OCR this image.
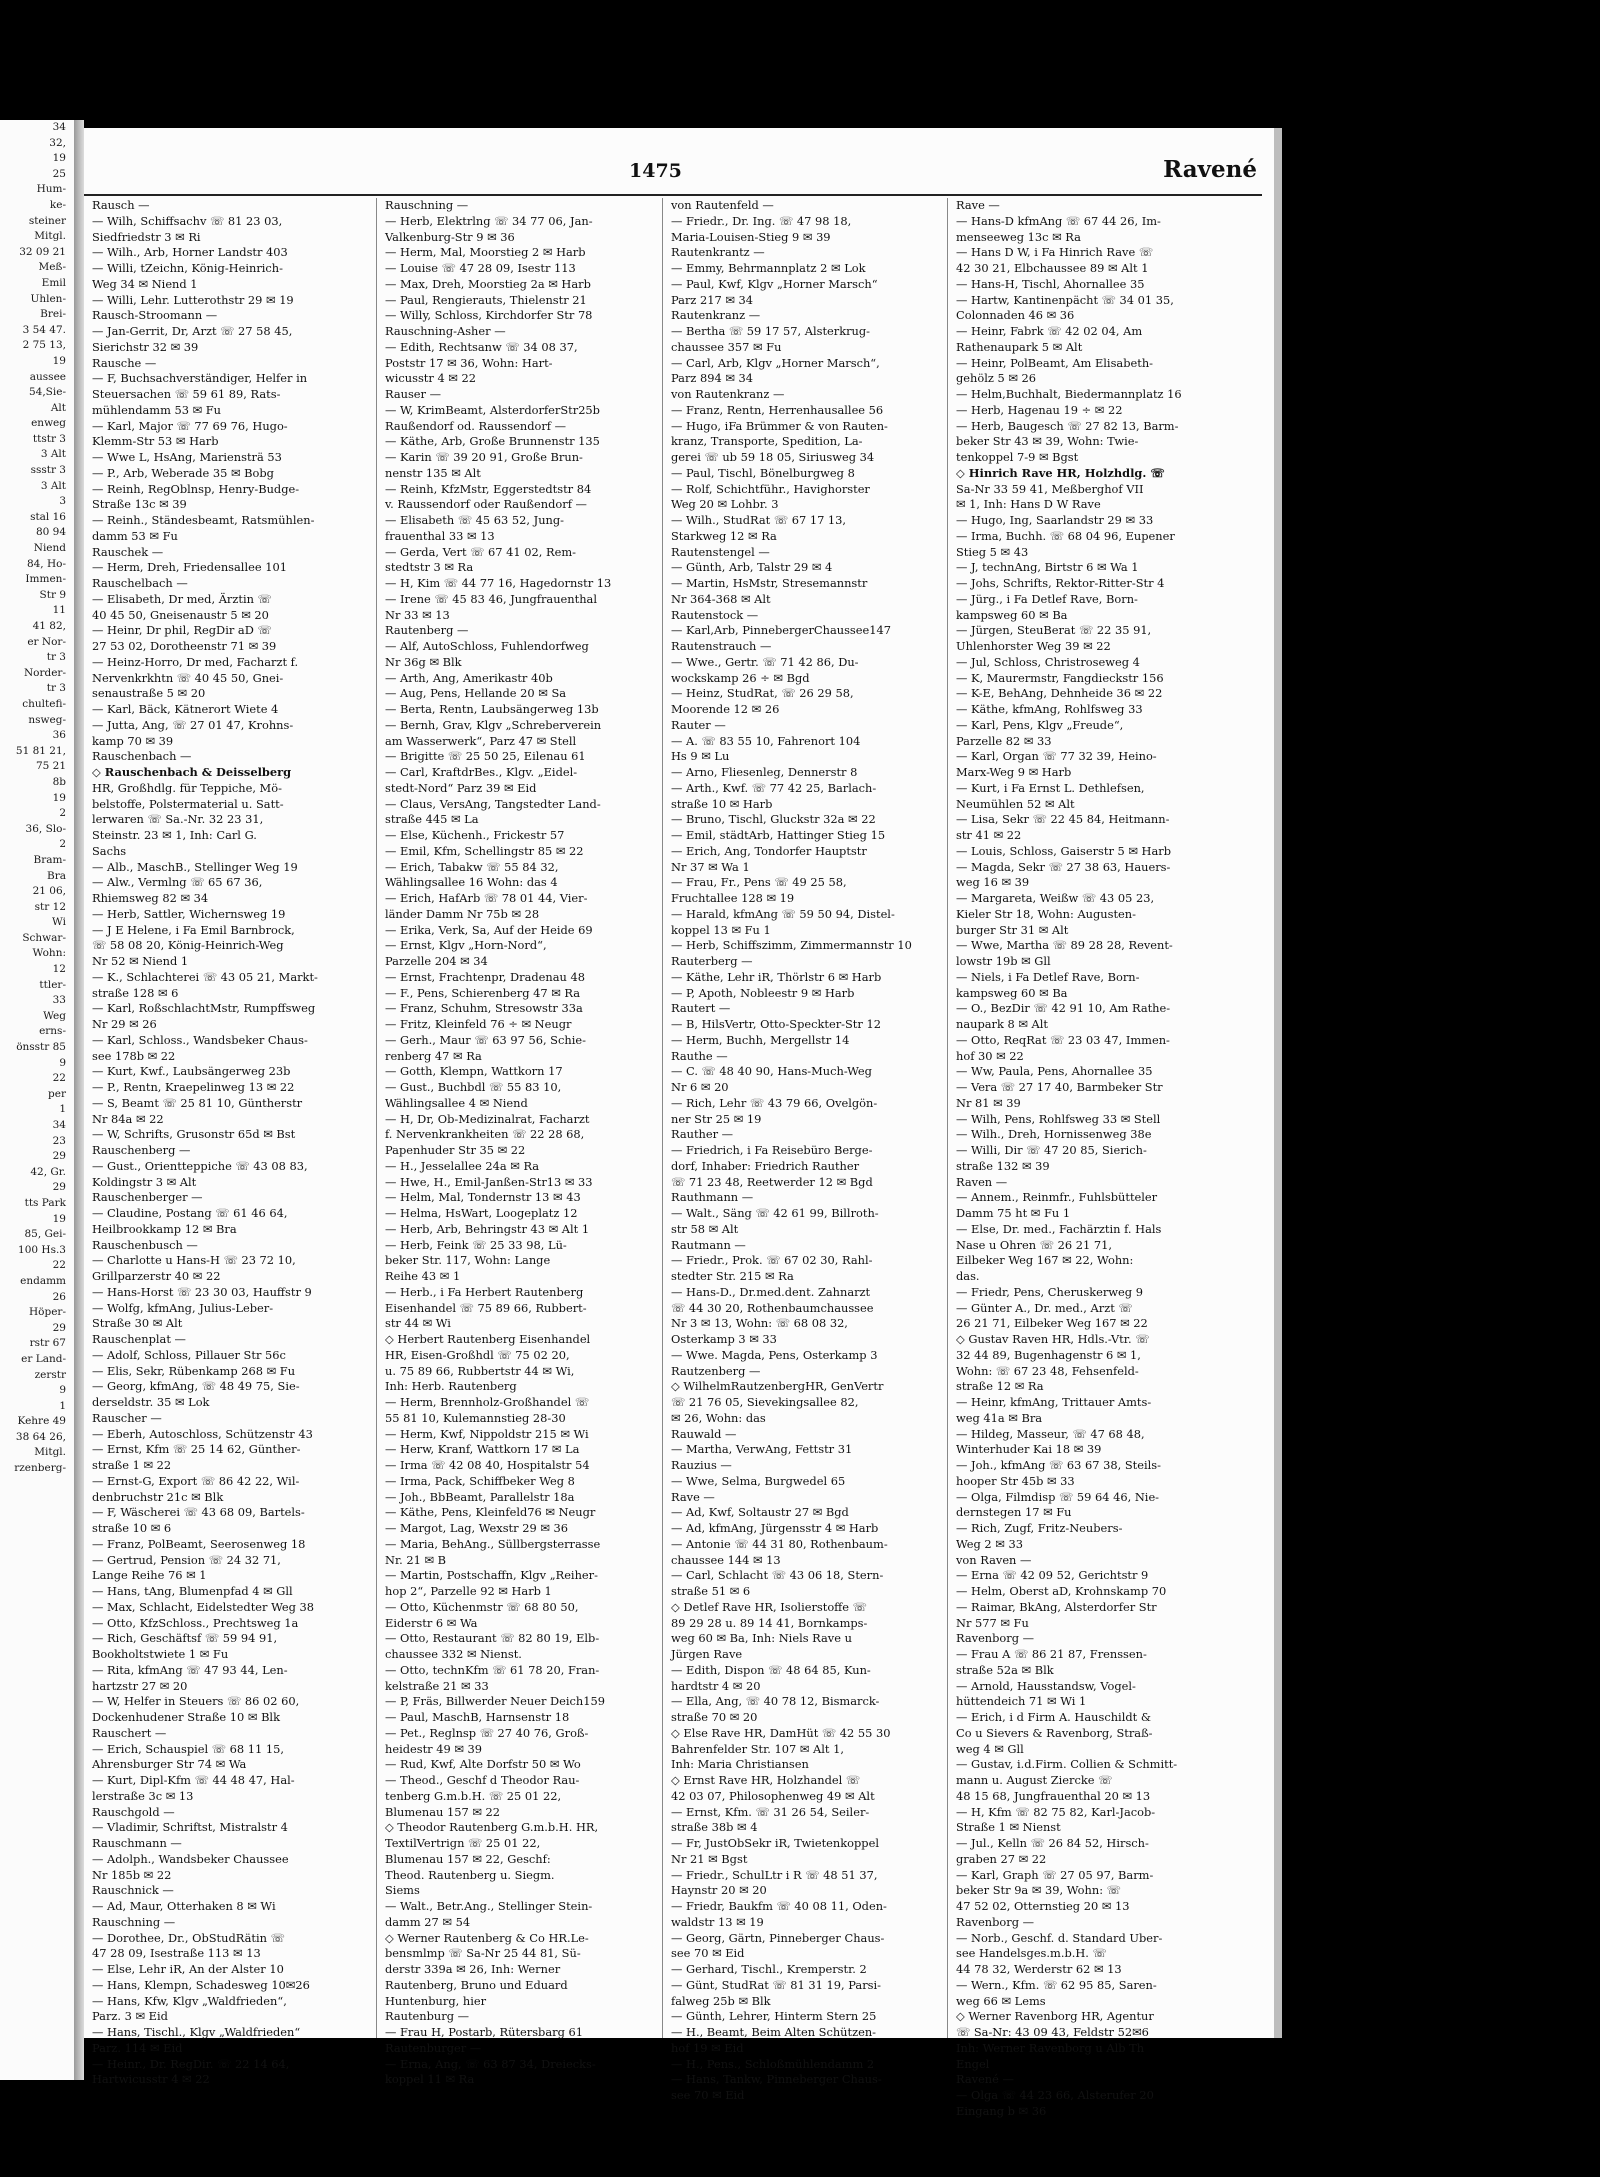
34
32,
19
25
Hum-
ke-
steiner
Mitgl.
32 09 21
Meß-
Emil
Uhlen-
Brei-
3 54 47.
2 75 13,
19
aussee
54,Sie-
Alt
enweg
ttstr 3
3 Alt
ssstr 3
3 Alt
3
stal 16
80 94
Niend
84, Ho-
Immen-
Str 9
11
41 82,
er Nor-
tr 3
Norder-
tr 3
chultefi-
nsweg-
36
51 81 21,
75 21
8b
19
2
36, Slo-
2
Bram-
Bra
21 06,
str 12
Wi
Schwar-
Wohn:
12
ttler-
33
Weg
erns-
önsstr 85
9
22
per
1
34
23
29
42, Gr.
29
tts Park
19
85, Gei-
100 Hs.3
22
endamm
26
Höper-
29
rstr 67
er Land-
zerstr
9
1
Kehre 49
38 64 26,
Mitgl.
rzenberg-
1475	Ravené
Rausch —
— Wilh, Schiffsachv ☏ 81 23 03,
Siedfriedstr 3 ✉ Ri
— Wilh., Arb, Horner Landstr 403
— Willi, tZeichn, König-Heinrich-
Weg 34 ✉ Niend 1
— Willi, Lehr. Lutterothstr 29 ✉ 19
Rausch-Stroomann —
— Jan-Gerrit, Dr, Arzt ☏ 27 58 45,
Sierichstr 32 ✉ 39
Rausche —
— F, Buchsachverständiger, Helfer in
Steuersachen ☏ 59 61 89, Rats-
mühlendamm 53 ✉ Fu
— Karl, Major ☏ 77 69 76, Hugo-
Klemm-Str 53 ✉ Harb
— Wwe L, HsAng, Mariensträ 53
— P., Arb, Weberade 35 ✉ Bobg
— Reinh, RegOblnsp, Henry-Budge-
Straße 13c ✉ 39
— Reinh., Ständesbeamt, Ratsmühlen-
damm 53 ✉ Fu
Rauschek —
— Herm, Dreh, Friedensallee 101
Rauschelbach —
— Elisabeth, Dr med, Ärztin ☏
40 45 50, Gneisenaustr 5 ✉ 20
— Heinr, Dr phil, RegDir aD ☏
27 53 02, Dorotheenstr 71 ✉ 39
— Heinz-Horro, Dr med, Facharzt f.
Nervenkrkhtn ☏ 40 45 50, Gnei-
senaustraße 5 ✉ 20
— Karl, Bäck, Kätnerort Wiete 4
— Jutta, Ang, ☏ 27 01 47, Krohns-
kamp 70 ✉ 39
Rauschenbach —
◇ Rauschenbach & Deisselberg
HR, Großhdlg. für Teppiche, Mö-
belstoffe, Polstermaterial u. Satt-
lerwaren ☏ Sa.-Nr. 32 23 31,
Steinstr. 23 ✉ 1, Inh: Carl G.
Sachs
— Alb., MaschB., Stellinger Weg 19
— Alw., Vermlng ☏ 65 67 36,
Rhiemsweg 82 ✉ 34
— Herb, Sattler, Wichernsweg 19
— J E Helene, i Fa Emil Barnbrock,
☏ 58 08 20, König-Heinrich-Weg
Nr 52 ✉ Niend 1
— K., Schlachterei ☏ 43 05 21, Markt-
straße 128 ✉ 6
— Karl, RoßschlachtMstr, Rumpffsweg
Nr 29 ✉ 26
— Karl, Schloss., Wandsbeker Chaus-
see 178b ✉ 22
— Kurt, Kwf., Laubsängerweg 23b
— P., Rentn, Kraepelinweg 13 ✉ 22
— S, Beamt ☏ 25 81 10, Güntherstr
Nr 84a ✉ 22
— W, Schrifts, Grusonstr 65d ✉ Bst
Rauschenberg —
— Gust., Orientteppiche ☏ 43 08 83,
Koldingstr 3 ✉ Alt
Rauschenberger —
— Claudine, Postang ☏ 61 46 64,
Heilbrookkamp 12 ✉ Bra
Rauschenbusch —
— Charlotte u Hans-H ☏ 23 72 10,
Grillparzerstr 40 ✉ 22
— Hans-Horst ☏ 23 30 03, Hauffstr 9
— Wolfg, kfmAng, Julius-Leber-
Straße 30 ✉ Alt
Rauschenplat —
— Adolf, Schloss, Pillauer Str 56c
— Elis, Sekr, Rübenkamp 268 ✉ Fu
— Georg, kfmAng, ☏ 48 49 75, Sie-
derseldstr. 35 ✉ Lok
Rauscher —
— Eberh, Autoschloss, Schützenstr 43
— Ernst, Kfm ☏ 25 14 62, Günther-
straße 1 ✉ 22
— Ernst-G, Export ☏ 86 42 22, Wil-
denbruchstr 21c ✉ Blk
— F, Wäscherei ☏ 43 68 09, Bartels-
straße 10 ✉ 6
— Franz, PolBeamt, Seerosenweg 18
— Gertrud, Pension ☏ 24 32 71,
Lange Reihe 76 ✉ 1
— Hans, tAng, Blumenpfad 4 ✉ Gll
— Max, Schlacht, Eidelstedter Weg 38
— Otto, KfzSchloss., Prechtsweg 1a
— Rich, Geschäftsf ☏ 59 94 91,
Bookholtstwiete 1 ✉ Fu
— Rita, kfmAng ☏ 47 93 44, Len-
hartzstr 27 ✉ 20
— W, Helfer in Steuers ☏ 86 02 60,
Dockenhudener Straße 10 ✉ Blk
Rauschert —
— Erich, Schauspiel ☏ 68 11 15,
Ahrensburger Str 74 ✉ Wa
— Kurt, Dipl-Kfm ☏ 44 48 47, Hal-
lerstraße 3c ✉ 13
Rauschgold —
— Vladimir, Schriftst, Mistralstr 4
Rauschmann —
— Adolph., Wandsbeker Chaussee
Nr 185b ✉ 22
Rauschnick —
— Ad, Maur, Otterhaken 8 ✉ Wi
Rauschning —
— Dorothee, Dr., ObStudRätin ☏
47 28 09, Isestraße 113 ✉ 13
— Else, Lehr iR, An der Alster 10
— Hans, Klempn, Schadesweg 10✉26
— Hans, Kfw, Klgv „Waldfrieden“,
Parz. 3 ✉ Eid
— Hans, Tischl., Klgv „Waldfrieden“
Parz. 114 ✉ Eid
— Heinr., Dr. RegDir. ☏ 22 14 64,
Hartwicusstr 4 ✉ 22
Rauschning —
— Herb, Elektrlng ☏ 34 77 06, Jan-
Valkenburg-Str 9 ✉ 36
— Herm, Mal, Moorstieg 2 ✉ Harb
— Louise ☏ 47 28 09, Isestr 113
— Max, Dreh, Moorstieg 2a ✉ Harb
— Paul, Rengierauts, Thielenstr 21
— Willy, Schloss, Kirchdorfer Str 78
Rauschning-Asher —
— Edith, Rechtsanw ☏ 34 08 37,
Poststr 17 ✉ 36, Wohn: Hart-
wicusstr 4 ✉ 22
Rauser —
— W, KrimBeamt, AlsterdorferStr25b
Raußendorf od. Raussendorf —
— Käthe, Arb, Große Brunnenstr 135
— Karin ☏ 39 20 91, Große Brun-
nenstr 135 ✉ Alt
— Reinh, KfzMstr, Eggerstedtstr 84
v. Raussendorf oder Raußendorf —
— Elisabeth ☏ 45 63 52, Jung-
frauenthal 33 ✉ 13
— Gerda, Vert ☏ 67 41 02, Rem-
stedtstr 3 ✉ Ra
— H, Kim ☏ 44 77 16, Hagedornstr 13
— Irene ☏ 45 83 46, Jungfrauenthal
Nr 33 ✉ 13
Rautenberg —
— Alf, AutoSchloss, Fuhlendorfweg
Nr 36g ✉ Blk
— Arth, Ang, Amerikastr 40b
— Aug, Pens, Hellande 20 ✉ Sa
— Berta, Rentn, Laubsängerweg 13b
— Bernh, Grav, Klgv „Schreberverein
am Wasserwerk“, Parz 47 ✉ Stell
— Brigitte ☏ 25 50 25, Eilenau 61
— Carl, KraftdrBes., Klgv. „Eidel-
stedt-Nord“ Parz 39 ✉ Eid
— Claus, VersAng, Tangstedter Land-
straße 445 ✉ La
— Else, Küchenh., Frickestr 57
— Emil, Kfm, Schellingstr 85 ✉ 22
— Erich, Tabakw ☏ 55 84 32,
Wählingsallee 16 Wohn: das 4
— Erich, HafArb ☏ 78 01 44, Vier-
länder Damm Nr 75b ✉ 28
— Erika, Verk, Sa, Auf der Heide 69
— Ernst, Klgv „Horn-Nord“,
Parzelle 204 ✉ 34
— Ernst, Frachtenpr, Dradenau 48
— F., Pens, Schierenberg 47 ✉ Ra
— Franz, Schuhm, Stresowstr 33a
— Fritz, Kleinfeld 76 ÷ ✉ Neugr
— Gerh., Maur ☏ 63 97 56, Schie-
renberg 47 ✉ Ra
— Gotth, Klempn, Wattkorn 17
— Gust., Buchbdl ☏ 55 83 10,
Wählingsallee 4 ✉ Niend
— H, Dr, Ob-Medizinalrat, Facharzt
f. Nervenkrankheiten ☏ 22 28 68,
Papenhuder Str 35 ✉ 22
— H., Jesselallee 24a ✉ Ra
— Hwe, H., Emil-Janßen-Str13 ✉ 33
— Helm, Mal, Tondernstr 13 ✉ 43
— Helma, HsWart, Loogeplatz 12
— Herb, Arb, Behringstr 43 ✉ Alt 1
— Herb, Feink ☏ 25 33 98, Lü-
beker Str. 117, Wohn: Lange
Reihe 43 ✉ 1
— Herb., i Fa Herbert Rautenberg
Eisenhandel ☏ 75 89 66, Rubbert-
str 44 ✉ Wi
◇ Herbert Rautenberg Eisenhandel
HR, Eisen-Großhdl ☏ 75 02 20,
u. 75 89 66, Rubbertstr 44 ✉ Wi,
Inh: Herb. Rautenberg
— Herm, Brennholz-Großhandel ☏
55 81 10, Kulemannstieg 28-30
— Herm, Kwf, Nippoldstr 215 ✉ Wi
— Herw, Kranf, Wattkorn 17 ✉ La
— Irma ☏ 42 08 40, Hospitalstr 54
— Irma, Pack, Schiffbeker Weg 8
— Joh., BbBeamt, Parallelstr 18a
— Käthe, Pens, Kleinfeld76 ✉ Neugr
— Margot, Lag, Wexstr 29 ✉ 36
— Maria, BehAng., Süllbergsterrasse
Nr. 21 ✉ B
— Martin, Postschaffn, Klgv „Reiher-
hop 2“, Parzelle 92 ✉ Harb 1
— Otto, Küchenmstr ☏ 68 80 50,
Eiderstr 6 ✉ Wa
— Otto, Restaurant ☏ 82 80 19, Elb-
chaussee 332 ✉ Nienst.
— Otto, technKfm ☏ 61 78 20, Fran-
kelstraße 21 ✉ 33
— P, Fräs, Billwerder Neuer Deich159
— Paul, MaschB, Harnsenstr 18
— Pet., Reglnsp ☏ 27 40 76, Groß-
heidestr 49 ✉ 39
— Rud, Kwf, Alte Dorfstr 50 ✉ Wo
— Theod., Geschf d Theodor Rau-
tenberg G.m.b.H. ☏ 25 01 22,
Blumenau 157 ✉ 22
◇ Theodor Rautenberg G.m.b.H. HR,
TextilVertrign ☏ 25 01 22,
Blumenau 157 ✉ 22, Geschf:
Theod. Rautenberg u. Siegm.
Siems
— Walt., Betr.Ang., Stellinger Stein-
damm 27 ✉ 54
◇ Werner Rautenberg & Co HR.Le-
bensmlmp ☏ Sa-Nr 25 44 81, Sü-
derstr 339a ✉ 26, Inh: Werner
Rautenberg, Bruno und Eduard
Huntenburg, hier
Rautenburg —
— Frau H, Postarb, Rütersbarg 61
Rautenburger —
— Erna, Ang, ☏ 63 87 34, Dreiecks-
koppel 11 ✉ Ra
von Rautenfeld —
— Friedr., Dr. Ing. ☏ 47 98 18,
Maria-Louisen-Stieg 9 ✉ 39
Rautenkrantz —
— Emmy, Behrmannplatz 2 ✉ Lok
— Paul, Kwf, Klgv „Horner Marsch“
Parz 217 ✉ 34
Rautenkranz —
— Bertha ☏ 59 17 57, Alsterkrug-
chaussee 357 ✉ Fu
— Carl, Arb, Klgv „Horner Marsch“,
Parz 894 ✉ 34
von Rautenkranz —
— Franz, Rentn, Herrenhausallee 56
— Hugo, iFa Brümmer & von Rauten-
kranz, Transporte, Spedition, La-
gerei ☏ ub 59 18 05, Siriusweg 34
— Paul, Tischl, Bönelburgweg 8
— Rolf, Schichtführ., Havighorster
Weg 20 ✉ Lohbr. 3
— Wilh., StudRat ☏ 67 17 13,
Starkweg 12 ✉ Ra
Rautenstengel —
— Günth, Arb, Talstr 29 ✉ 4
— Martin, HsMstr, Stresemannstr
Nr 364-368 ✉ Alt
Rautenstock —
— Karl,Arb, PinnebergerChaussee147
Rautenstrauch —
— Wwe., Gertr. ☏ 71 42 86, Du-
wockskamp 26 ÷ ✉ Bgd
— Heinz, StudRat, ☏ 26 29 58,
Moorende 12 ✉ 26
Rauter —
— A. ☏ 83 55 10, Fahrenort 104
Hs 9 ✉ Lu
— Arno, Fliesenleg, Dennerstr 8
— Arth., Kwf. ☏ 77 42 25, Barlach-
straße 10 ✉ Harb
— Bruno, Tischl, Gluckstr 32a ✉ 22
— Emil, städtArb, Hattinger Stieg 15
— Erich, Ang, Tondorfer Hauptstr
Nr 37 ✉ Wa 1
— Frau, Fr., Pens ☏ 49 25 58,
Fruchtallee 128 ✉ 19
— Harald, kfmAng ☏ 59 50 94, Distel-
koppel 13 ✉ Fu 1
— Herb, Schiffszimm, Zimmermannstr 10
Rauterberg —
— Käthe, Lehr iR, Thörlstr 6 ✉ Harb
— P, Apoth, Nobleestr 9 ✉ Harb
Rautert —
— B, HilsVertr, Otto-Speckter-Str 12
— Herm, Buchh, Mergellstr 14
Rauthe —
— C. ☏ 48 40 90, Hans-Much-Weg
Nr 6 ✉ 20
— Rich, Lehr ☏ 43 79 66, Ovelgön-
ner Str 25 ✉ 19
Rauther —
— Friedrich, i Fa Reisebüro Berge-
dorf, Inhaber: Friedrich Rauther
☏ 71 23 48, Reetwerder 12 ✉ Bgd
Rauthmann —
— Walt., Säng ☏ 42 61 99, Billroth-
str 58 ✉ Alt
Rautmann —
— Friedr., Prok. ☏ 67 02 30, Rahl-
stedter Str. 215 ✉ Ra
— Hans-D., Dr.med.dent. Zahnarzt
☏ 44 30 20, Rothenbaumchaussee
Nr 3 ✉ 13, Wohn: ☏ 68 08 32,
Osterkamp 3 ✉ 33
— Wwe. Magda, Pens, Osterkamp 3
Rautzenberg —
◇ WilhelmRautzenbergHR, GenVertr
☏ 21 76 05, Sievekingsallee 82,
✉ 26, Wohn: das
Rauwald —
— Martha, VerwAng, Fettstr 31
Rauzius —
— Wwe, Selma, Burgwedel 65
Rave —
— Ad, Kwf, Soltaustr 27 ✉ Bgd
— Ad, kfmAng, Jürgensstr 4 ✉ Harb
— Antonie ☏ 44 31 80, Rothenbaum-
chaussee 144 ✉ 13
— Carl, Schlacht ☏ 43 06 18, Stern-
straße 51 ✉ 6
◇ Detlef Rave HR, Isolierstoffe ☏
89 29 28 u. 89 14 41, Bornkamps-
weg 60 ✉ Ba, Inh: Niels Rave u
Jürgen Rave
— Edith, Dispon ☏ 48 64 85, Kun-
hardtstr 4 ✉ 20
— Ella, Ang, ☏ 40 78 12, Bismarck-
straße 70 ✉ 20
◇ Else Rave HR, DamHüt ☏ 42 55 30
Bahrenfelder Str. 107 ✉ Alt 1,
Inh: Maria Christiansen
◇ Ernst Rave HR, Holzhandel ☏
42 03 07, Philosophenweg 49 ✉ Alt
— Ernst, Kfm. ☏ 31 26 54, Seiler-
straße 38b ✉ 4
— Fr, JustObSekr iR, Twietenkoppel
Nr 21 ✉ Bgst
— Friedr., SchulLtr i R ☏ 48 51 37,
Haynstr 20 ✉ 20
— Friedr, Baukfm ☏ 40 08 11, Oden-
waldstr 13 ✉ 19
— Georg, Gärtn, Pinneberger Chaus-
see 70 ✉ Eid
— Gerhard, Tischl., Kremperstr. 2
— Günt, StudRat ☏ 81 31 19, Parsi-
falweg 25b ✉ Blk
— Günth, Lehrer, Hinterm Stern 25
— H., Beamt, Beim Alten Schützen-
hof 19 ✉ Eid
— H., Pens., Schloßmühlendamm 2
— Hans, Tankw, Pinneberger Chaus-
see 70 ✉ Eid
Rave —
— Hans-D kfmAng ☏ 67 44 26, Im-
menseeweg 13c ✉ Ra
— Hans D W, i Fa Hinrich Rave ☏
42 30 21, Elbchaussee 89 ✉ Alt 1
— Hans-H, Tischl, Ahornallee 35
— Hartw, Kantinenpächt ☏ 34 01 35,
Colonnaden 46 ✉ 36
— Heinr, Fabrk ☏ 42 02 04, Am
Rathenaupark 5 ✉ Alt
— Heinr, PolBeamt, Am Elisabeth-
gehölz 5 ✉ 26
— Helm,Buchhalt, Biedermannplatz 16
— Herb, Hagenau 19 ÷ ✉ 22
— Herb, Baugesch ☏ 27 82 13, Barm-
beker Str 43 ✉ 39, Wohn: Twie-
tenkoppel 7-9 ✉ Bgst
◇ Hinrich Rave HR, Holzhdlg. ☏
Sa-Nr 33 59 41, Meßberghof VII
✉ 1, Inh: Hans D W Rave
— Hugo, Ing, Saarlandstr 29 ✉ 33
— Irma, Buchh. ☏ 68 04 96, Eupener
Stieg 5 ✉ 43
— J, technAng, Birtstr 6 ✉ Wa 1
— Johs, Schrifts, Rektor-Ritter-Str 4
— Jürg., i Fa Detlef Rave, Born-
kampsweg 60 ✉ Ba
— Jürgen, SteuBerat ☏ 22 35 91,
Uhlenhorster Weg 39 ✉ 22
— Jul, Schloss, Christroseweg 4
— K, Maurermstr, Fangdieckstr 156
— K-E, BehAng, Dehnheide 36 ✉ 22
— Käthe, kfmAng, Rohlfsweg 33
— Karl, Pens, Klgv „Freude“,
Parzelle 82 ✉ 33
— Karl, Organ ☏ 77 32 39, Heino-
Marx-Weg 9 ✉ Harb
— Kurt, i Fa Ernst L. Dethlefsen,
Neumühlen 52 ✉ Alt
— Lisa, Sekr ☏ 22 45 84, Heitmann-
str 41 ✉ 22
— Louis, Schloss, Gaiserstr 5 ✉ Harb
— Magda, Sekr ☏ 27 38 63, Hauers-
weg 16 ✉ 39
— Margareta, Weißw ☏ 43 05 23,
Kieler Str 18, Wohn: Augusten-
burger Str 31 ✉ Alt
— Wwe, Martha ☏ 89 28 28, Revent-
lowstr 19b ✉ Gll
— Niels, i Fa Detlef Rave, Born-
kampsweg 60 ✉ Ba
— O., BezDir ☏ 42 91 10, Am Rathe-
naupark 8 ✉ Alt
— Otto, ReqRat ☏ 23 03 47, Immen-
hof 30 ✉ 22
— Ww, Paula, Pens, Ahornallee 35
— Vera ☏ 27 17 40, Barmbeker Str
Nr 81 ✉ 39
— Wilh, Pens, Rohlfsweg 33 ✉ Stell
— Wilh., Dreh, Hornissenweg 38e
— Willi, Dir ☏ 47 20 85, Sierich-
straße 132 ✉ 39
Raven —
— Annem., Reinmfr., Fuhlsbütteler
Damm 75 ht ✉ Fu 1
— Else, Dr. med., Fachärztin f. Hals
Nase u Ohren ☏ 26 21 71,
Eilbeker Weg 167 ✉ 22, Wohn:
das.
— Friedr, Pens, Cheruskerweg 9
— Günter A., Dr. med., Arzt ☏
26 21 71, Eilbeker Weg 167 ✉ 22
◇ Gustav Raven HR, Hdls.-Vtr. ☏
32 44 89, Bugenhagenstr 6 ✉ 1,
Wohn: ☏ 67 23 48, Fehsenfeld-
straße 12 ✉ Ra
— Heinr, kfmAng, Trittauer Amts-
weg 41a ✉ Bra
— Hildeg, Masseur, ☏ 47 68 48,
Winterhuder Kai 18 ✉ 39
— Joh., kfmAng ☏ 63 67 38, Steils-
hooper Str 45b ✉ 33
— Olga, Filmdisp ☏ 59 64 46, Nie-
dernstegen 17 ✉ Fu
— Rich, Zugf, Fritz-Neubers-
Weg 2 ✉ 33
von Raven —
— Erna ☏ 42 09 52, Gerichtstr 9
— Helm, Oberst aD, Krohnskamp 70
— Raimar, BkAng, Alsterdorfer Str
Nr 577 ✉ Fu
Ravenborg —
— Frau A ☏ 86 21 87, Frenssen-
straße 52a ✉ Blk
— Arnold, Hausstandsw, Vogel-
hüttendeich 71 ✉ Wi 1
— Erich, i d Firm A. Hauschildt &
Co u Sievers & Ravenborg, Straß-
weg 4 ✉ Gll
— Gustav, i.d.Firm. Collien & Schmitt-
mann u. August Ziercke ☏
48 15 68, Jungfrauenthal 20 ✉ 13
— H, Kfm ☏ 82 75 82, Karl-Jacob-
Straße 1 ✉ Nienst
— Jul., Kelln ☏ 26 84 52, Hirsch-
graben 27 ✉ 22
— Karl, Graph ☏ 27 05 97, Barm-
beker Str 9a ✉ 39, Wohn: ☏
47 52 02, Otternstieg 20 ✉ 13
Ravenborg —
— Norb., Geschf. d. Standard Uber-
see Handelsges.m.b.H. ☏
44 78 32, Werderstr 62 ✉ 13
— Wern., Kfm. ☏ 62 95 85, Saren-
weg 66 ✉ Lems
◇ Werner Ravenborg HR, Agentur
☏ Sa-Nr: 43 09 43, Feldstr 52✉6
Inh: Werner Ravenborg u Alb Th
Engel
Ravené —
— Olga ☏ 44 23 66, Alsterufer 20
Eingang b ✉ 36
